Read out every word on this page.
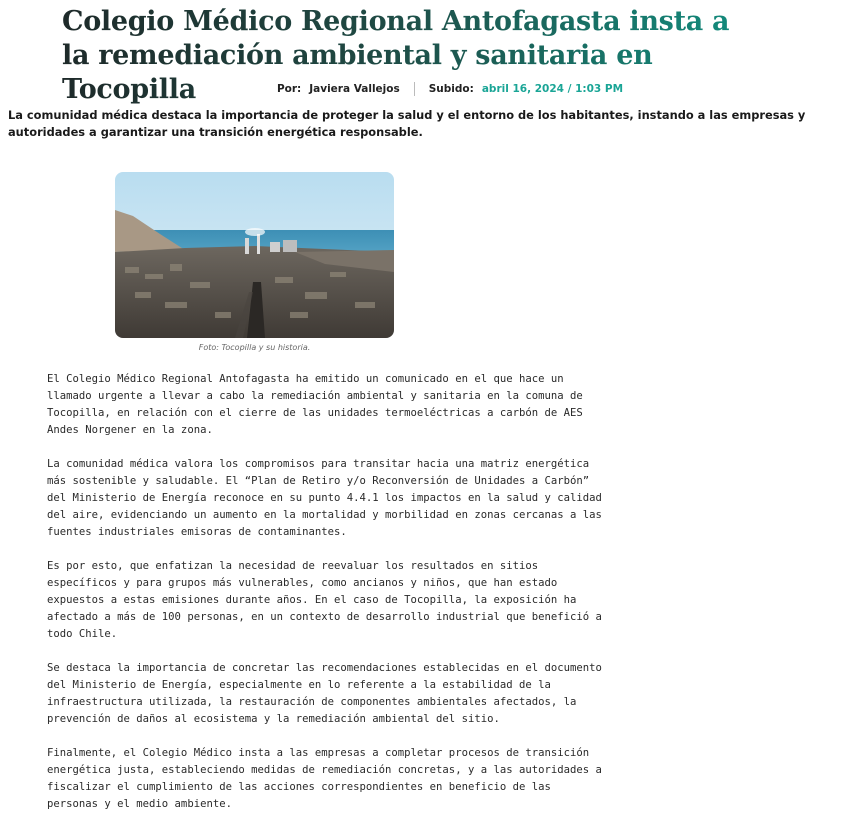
Colegio Médico Regional Antofagasta insta a la remediación ambiental y sanitaria en Tocopilla	Por: Javiera Vallejos	Subido: abril 16, 2024 / 1:03 PM

La comunidad médica destaca la importancia de proteger la salud y el entorno de los habitantes, instando a las empresas y autoridades a garantizar una transición energética responsable.

Foto: Tocopilla y su historia.

El Colegio Médico Regional Antofagasta ha emitido un comunicado en el que hace un llamado urgente a llevar a cabo la remediación ambiental y sanitaria en la comuna de Tocopilla, en relación con el cierre de las unidades termoeléctricas a carbón de AES Andes Norgener en la zona.

La comunidad médica valora los compromisos para transitar hacia una matriz energética más sostenible y saludable. El “Plan de Retiro y/o Reconversión de Unidades a Carbón” del Ministerio de Energía reconoce en su punto 4.4.1 los impactos en la salud y calidad del aire, evidenciando un aumento en la mortalidad y morbilidad en zonas cercanas a las fuentes industriales emisoras de contaminantes.

Es por esto, que enfatizan la necesidad de reevaluar los resultados en sitios específicos y para grupos más vulnerables, como ancianos y niños, que han estado expuestos a estas emisiones durante años. En el caso de Tocopilla, la exposición ha afectado a más de 100 personas, en un contexto de desarrollo industrial que benefició a todo Chile.

Se destaca la importancia de concretar las recomendaciones establecidas en el documento del Ministerio de Energía, especialmente en lo referente a la estabilidad de la infraestructura utilizada, la restauración de componentes ambientales afectados, la prevención de daños al ecosistema y la remediación ambiental del sitio.

Finalmente, el Colegio Médico insta a las empresas a completar procesos de transición energética justa, estableciendo medidas de remediación concretas, y a las autoridades a fiscalizar el cumplimiento de las acciones correspondientes en beneficio de las personas y el medio ambiente.
